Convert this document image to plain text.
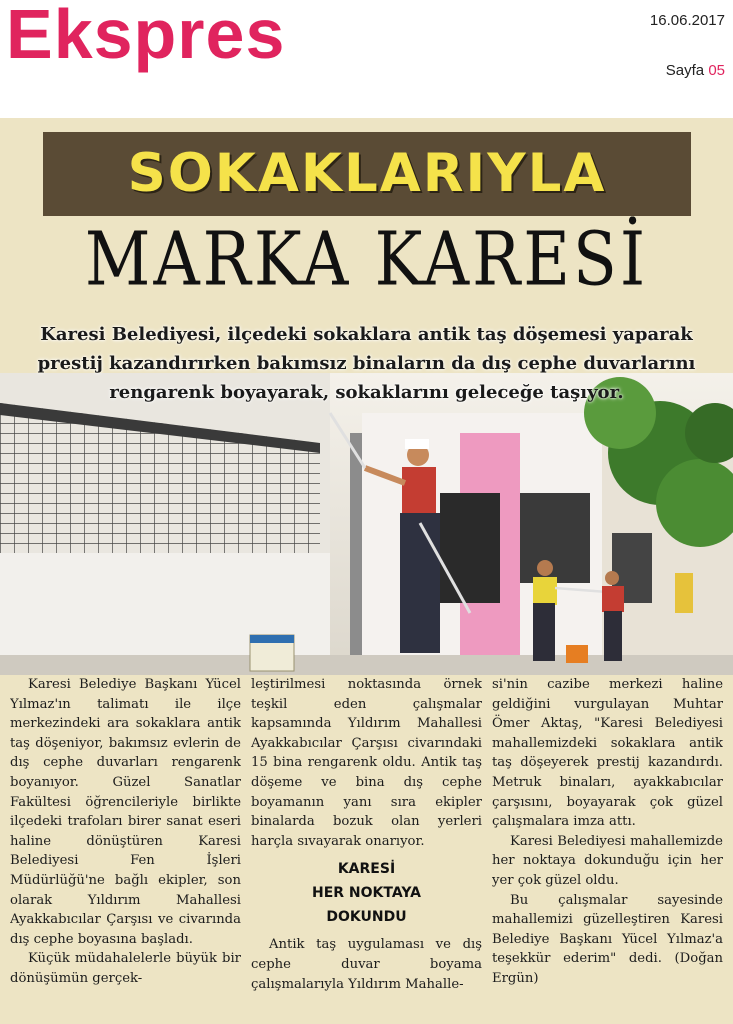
Ekspres	16.06.2017
Sayfa 05
SOKAKLARIYLA
MARKA KARESİ
Karesi Belediyesi, ilçedeki sokaklara antik taş döşemesi yaparak
prestij kazandırırken bakımsız binaların da dış cephe duvarlarını
rengarenk boyayarak, sokaklarını geleceğe taşıyor.

Karesi Belediye Başkanı Yücel Yılmaz'ın talimatı ile ilçe merkezindeki ara sokaklara antik taş döşeniyor, bakımsız evlerin de dış cephe duvarları rengarenk boyanıyor. Güzel Sanatlar Fakültesi öğrencileriyle birlikte ilçedeki trafoları birer sanat eseri haline dönüştüren Karesi Belediyesi Fen İşleri Müdürlüğü'ne bağlı ekipler, son olarak Yıldırım Mahallesi Ayakkabıcılar Çarşısı ve civarında dış cephe boyasına başladı.

Küçük müdahalelerle büyük bir dönüşümün gerçek-

leştirilmesi noktasında örnek teşkil eden çalışmalar kapsamında Yıldırım Mahallesi Ayakkabıcılar Çarşısı civarındaki 15 bina rengarenk oldu. Antik taş döşeme ve bina dış cephe boyamanın yanı sıra ekipler binalarda bozuk olan yerleri harçla sıvayarak onarıyor.

KARESİ
HER NOKTAYA
DOKUNDU

Antik taş uygulaması ve dış cephe duvar boyama çalışmalarıyla Yıldırım Mahalle-

si'nin cazibe merkezi haline geldiğini vurgulayan Muhtar Ömer Aktaş, "Karesi Belediyesi mahallemizdeki sokaklara antik taş döşeyerek prestij kazandırdı. Metruk binaları, ayakkabıcılar çarşısını, boyayarak çok güzel çalışmalara imza attı.

Karesi Belediyesi mahallemizde her noktaya dokunduğu için her yer çok güzel oldu.

Bu çalışmalar sayesinde mahallemizi güzelleştiren Karesi Belediye Başkanı Yücel Yılmaz'a teşekkür ederim" dedi. (Doğan Ergün)
